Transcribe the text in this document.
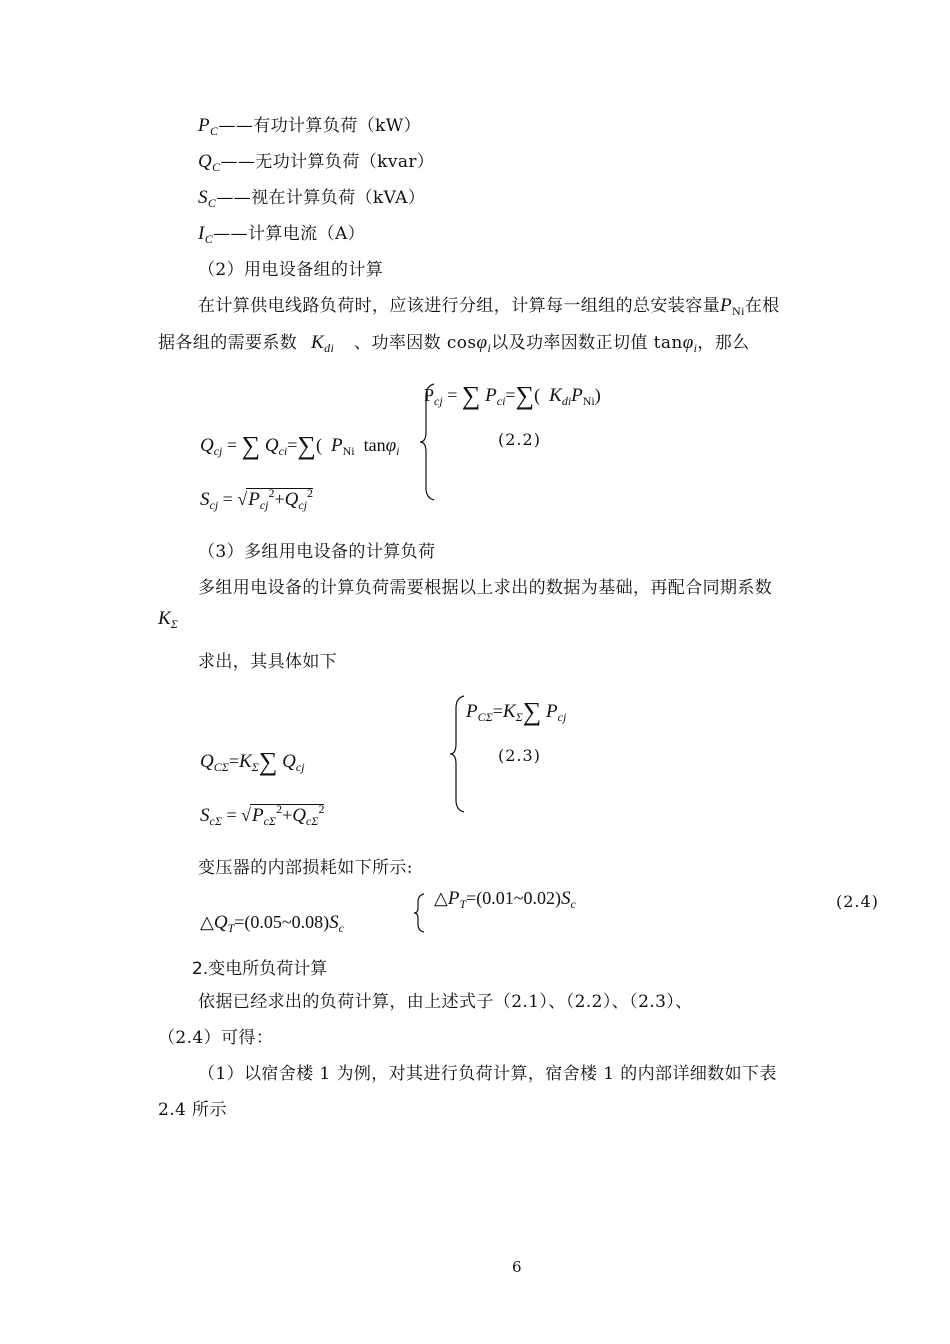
$P_C——$有功计算负荷（kW）
$Q_C——$无功计算负荷（kvar）
$S_C——$视在计算负荷（kVA）
$I_C——$计算电流（A）
（2）用电设备组的计算
在计算供电线路负荷时，应该进行分组，计算每一组组的总安装容量$P_{Ni}$在根
据各组的需要系数 $K_{di}$ 、功率因数 cosφ$_i$以及功率因数正切值 tanφ$_i$，那么
$P_{cj}$ = ∑ $P_{ci}=\sum$(  $K_{di}P_{Ni}$)
$Q_{cj}$ = ∑ $Q_{ci}=\sum$(  $P_{Ni}$  tanφ$_i$
(2.2)
$S_{cj} = √P_{cj}^2+Q_{cj}^2$
（3）多组用电设备的计算负荷
多组用电设备的计算负荷需要根据以上求出的数据为基础，再配合同期系数
$K_\Sigma$
求出，其具体如下
$P_{C\Sigma}=K_\Sigma\sum$ $P_{cj}$
$Q_{C\Sigma}=K_\Sigma\sum$ $Q_{cj}$
(2.3)
$S_{c\Sigma} = √P_{c\Sigma}^2+Q_{c\Sigma}^2$
变压器的内部损耗如下所示:
$\triangle P_T=(0.01\sim 0.02)S_c$
$\triangle Q_T=(0.05\sim 0.08)S_c$
(2.4)
2.变电所负荷计算
依据已经求出的负荷计算，由上述式子（2.1）、（2.2）、（2.3）、
（2.4）可得：
（1）以宿舍楼 1 为例，对其进行负荷计算，宿舍楼 1 的内部详细数如下表
2.4 所示
6
